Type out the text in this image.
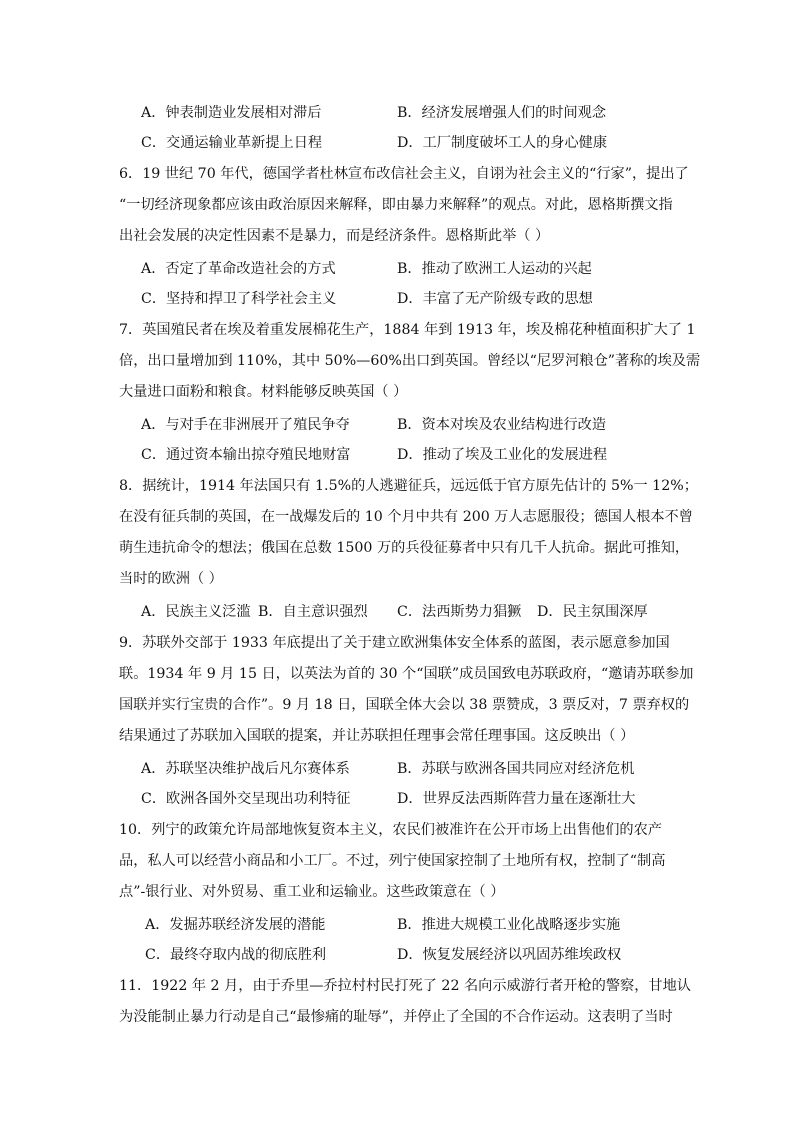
A．钟表制造业发展相对滞后	B．经济发展增强人们的时间观念
C．交通运输业革新提上日程	D．工厂制度破坏工人的身心健康
6．19 世纪 70 年代，德国学者杜林宣布改信社会主义，自诩为社会主义的“行家”，提出了
“一切经济现象都应该由政治原因来解释，即由暴力来解释”的观点。对此，恩格斯撰文指
出社会发展的决定性因素不是暴力，而是经济条件。恩格斯此举（ ）
A．否定了革命改造社会的方式	B．推动了欧洲工人运动的兴起
C．坚持和捍卫了科学社会主义	D．丰富了无产阶级专政的思想
7．英国殖民者在埃及着重发展棉花生产，1884 年到 1913 年，埃及棉花种植面积扩大了 1
倍，出口量增加到 110%，其中 50%—60%出口到英国。曾经以“尼罗河粮仓”著称的埃及需
大量进口面粉和粮食。材料能够反映英国（ ）
A．与对手在非洲展开了殖民争夺	B．资本对埃及农业结构进行改造
C．通过资本输出掠夺殖民地财富	D．推动了埃及工业化的发展进程
8．据统计，1914 年法国只有 1.5%的人逃避征兵，远远低于官方原先估计的 5%一 12%；
在没有征兵制的英国，在一战爆发后的 10 个月中共有 200 万人志愿服役；德国人根本不曾
萌生违抗命令的想法；俄国在总数 1500 万的兵役征募者中只有几千人抗命。据此可推知，
当时的欧洲（ ）
A．民族主义泛滥 B．自主意识强烈 C．法西斯势力猖獗 D．民主氛围深厚
9．苏联外交部于 1933 年底提出了关于建立欧洲集体安全体系的蓝图，表示愿意参加国
联。1934 年 9 月 15 日，以英法为首的 30 个“国联”成员国致电苏联政府，“邀请苏联参加
国联并实行宝贵的合作”。9 月 18 日，国联全体大会以 38 票赞成，3 票反对，7 票弃权的
结果通过了苏联加入国联的提案，并让苏联担任理事会常任理事国。这反映出（ ）
A．苏联坚决维护战后凡尔赛体系	B．苏联与欧洲各国共同应对经济危机
C．欧洲各国外交呈现出功利特征	D．世界反法西斯阵营力量在逐渐壮大
10．列宁的政策允许局部地恢复资本主义，农民们被准许在公开市场上出售他们的农产
品，私人可以经营小商品和小工厂。不过，列宁使国家控制了土地所有权，控制了“制高
点”-银行业、对外贸易、重工业和运输业。这些政策意在（ ）
A．发掘苏联经济发展的潜能	B．推进大规模工业化战略逐步实施
C．最终夺取内战的彻底胜利	D．恢复发展经济以巩固苏维埃政权
11．1922 年 2 月，由于乔里—乔拉村村民打死了 22 名向示威游行者开枪的警察，甘地认
为没能制止暴力行动是自己“最惨痛的耻辱”，并停止了全国的不合作运动。这表明了当时
